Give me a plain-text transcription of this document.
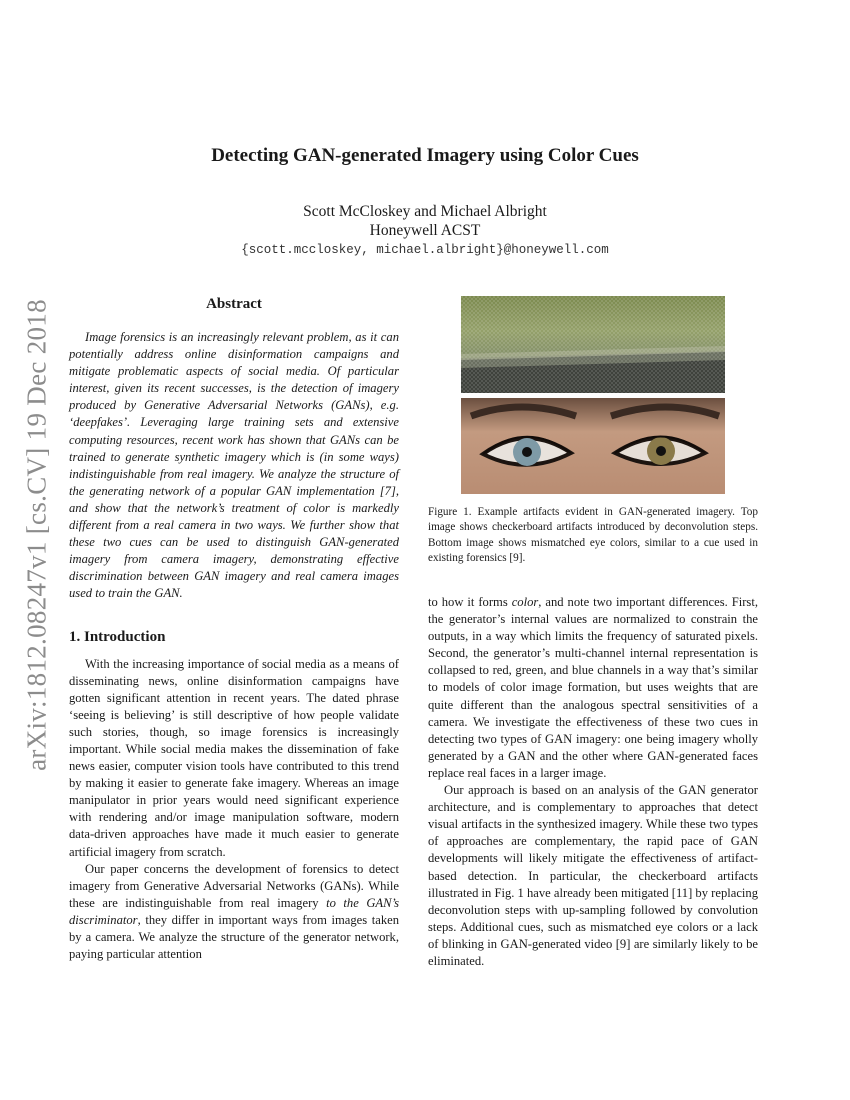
Detecting GAN-generated Imagery using Color Cues
Scott McCloskey and Michael Albright
Honeywell ACST
{scott.mccloskey, michael.albright}@honeywell.com
arXiv:1812.08247v1 [cs.CV] 19 Dec 2018	Abstract

Image forensics is an increasingly relevant problem, as it can potentially address online disinformation campaigns and mitigate problematic aspects of social media. Of particular interest, given its recent successes, is the detection of imagery produced by Generative Adversarial Networks (GANs), e.g. ‘deepfakes’. Leveraging large training sets and extensive computing resources, recent work has shown that GANs can be trained to generate synthetic imagery which is (in some ways) indistinguishable from real imagery. We analyze the structure of the generating network of a popular GAN implementation [7], and show that the network’s treatment of color is markedly different from a real camera in two ways. We further show that these two cues can be used to distinguish GAN-generated imagery from camera imagery, demonstrating effective discrimination between GAN imagery and real camera images used to train the GAN.

1. Introduction

With the increasing importance of social media as a means of disseminating news, online disinformation campaigns have gotten significant attention in recent years. The dated phrase ‘seeing is believing’ is still descriptive of how people validate such stories, though, so image forensics is increasingly important. While social media makes the dissemination of fake news easier, computer vision tools have contributed to this trend by making it easier to generate fake imagery. Whereas an image manipulator in prior years would need significant experience with rendering and/or image manipulation software, modern data-driven approaches have made it much easier to generate artificial imagery from scratch.

Our paper concerns the development of forensics to detect imagery from Generative Adversarial Networks (GANs). While these are indistinguishable from real imagery to the GAN’s discriminator, they differ in important ways from images taken by a camera. We analyze the structure of the generator network, paying particular attention

Figure 1. Example artifacts evident in GAN-generated imagery. Top image shows checkerboard artifacts introduced by deconvolution steps. Bottom image shows mismatched eye colors, similar to a cue used in existing forensics [9].

to how it forms color, and note two important differences. First, the generator’s internal values are normalized to constrain the outputs, in a way which limits the frequency of saturated pixels. Second, the generator’s multi-channel internal representation is collapsed to red, green, and blue channels in a way that’s similar to models of color image formation, but uses weights that are quite different than the analogous spectral sensitivities of a camera. We investigate the effectiveness of these two cues in detecting two types of GAN imagery: one being imagery wholly generated by a GAN and the other where GAN-generated faces replace real faces in a larger image.

Our approach is based on an analysis of the GAN generator architecture, and is complementary to approaches that detect visual artifacts in the synthesized imagery. While these two types of approaches are complementary, the rapid pace of GAN developments will likely mitigate the effectiveness of artifact-based detection. In particular, the checkerboard artifacts illustrated in Fig. 1 have already been mitigated [11] by replacing deconvolution steps with up-sampling followed by convolution steps. Additional cues, such as mismatched eye colors or a lack of blinking in GAN-generated video [9] are similarly likely to be eliminated.
